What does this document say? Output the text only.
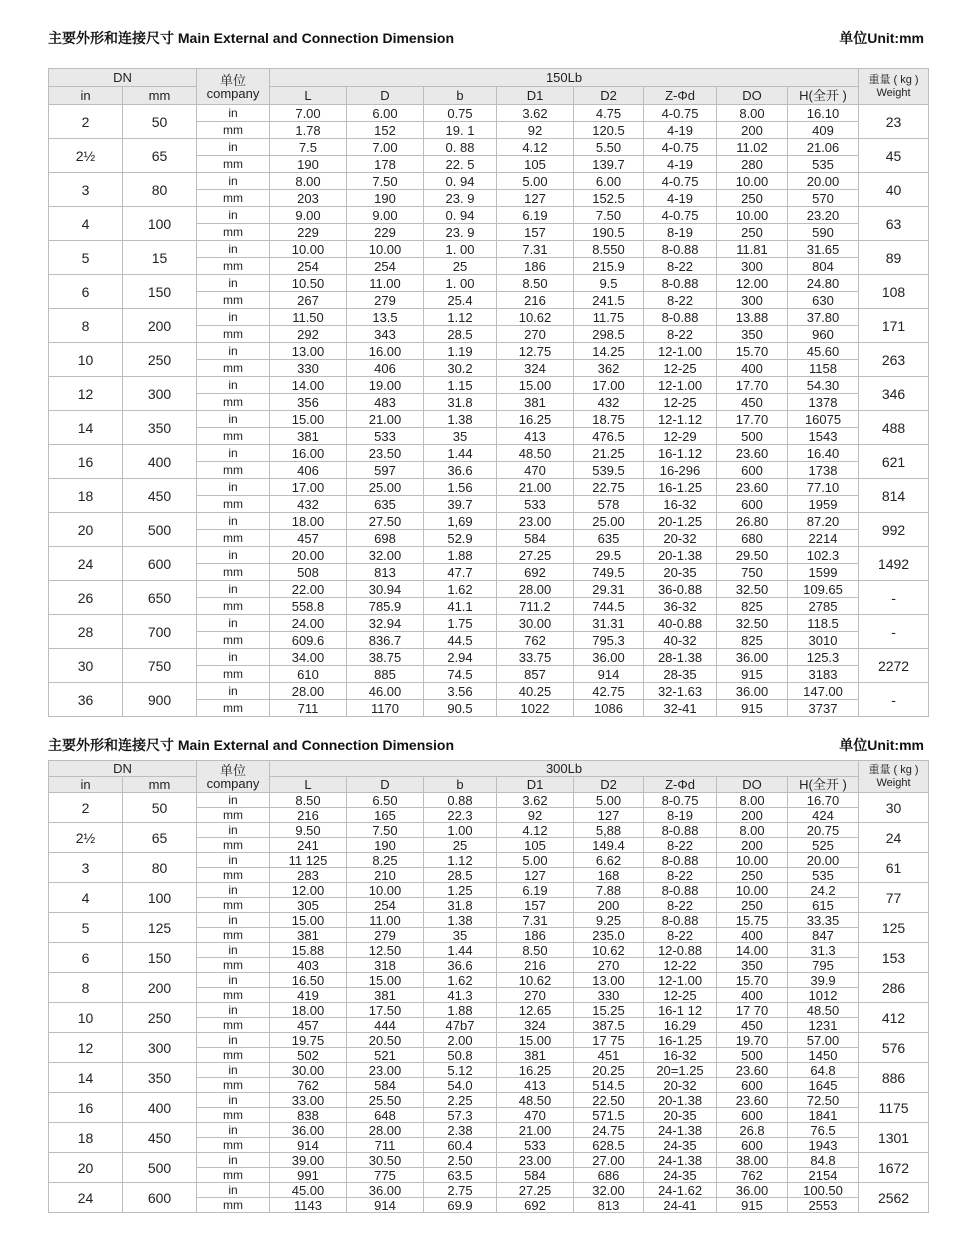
主要外形和连接尺寸 Main External and Connection Dimension	单位Unit:mm
DN		单位
company	150Lb								重量 ( kg )
Weight
in	mm		L	D	b	D1	D2	Z-Φd	DO	H(全开 )	
2	50	in	7.00	6.00	0.75	3.62	4.75	4-0.75	8.00	16.10	23
		mm	1.78	152	19. 1	92	120.5	4-19	200	409	
2½	65	in	7.5	7.00	0. 88	4.12	5.50	4-0.75	11.02	21.06	45
		mm	190	178	22. 5	105	139.7	4-19	280	535	
3	80	in	8.00	7.50	0. 94	5.00	6.00	4-0.75	10.00	20.00	40
		mm	203	190	23. 9	127	152.5	4-19	250	570	
4	100	in	9.00	9.00	0. 94	6.19	7.50	4-0.75	10.00	23.20	63
		mm	229	229	23. 9	157	190.5	8-19	250	590	
5	15	in	10.00	10.00	1. 00	7.31	8.550	8-0.88	11.81	31.65	89
		mm	254	254	25	186	215.9	8-22	300	804	
6	150	in	10.50	11.00	1. 00	8.50	9.5	8-0.88	12.00	24.80	108
		mm	267	279	25.4	216	241.5	8-22	300	630	
8	200	in	11.50	13.5	1.12	10.62	11.75	8-0.88	13.88	37.80	171
		mm	292	343	28.5	270	298.5	8-22	350	960	
10	250	in	13.00	16.00	1.19	12.75	14.25	12-1.00	15.70	45.60	263
		mm	330	406	30.2	324	362	12-25	400	1158	
12	300	in	14.00	19.00	1.15	15.00	17.00	12-1.00	17.70	54.30	346
		mm	356	483	31.8	381	432	12-25	450	1378	
14	350	in	15.00	21.00	1.38	16.25	18.75	12-1.12	17.70	16075	488
		mm	381	533	35	413	476.5	12-29	500	1543	
16	400	in	16.00	23.50	1.44	48.50	21.25	16-1.12	23.60	16.40	621
		mm	406	597	36.6	470	539.5	16-296	600	1738	
18	450	in	17.00	25.00	1.56	21.00	22.75	16-1.25	23.60	77.10	814
		mm	432	635	39.7	533	578	16-32	600	1959	
20	500	in	18.00	27.50	1,69	23.00	25.00	20-1.25	26.80	87.20	992
		mm	457	698	52.9	584	635	20-32	680	2214	
24	600	in	20.00	32.00	1.88	27.25	29.5	20-1.38	29.50	102.3	1492
		mm	508	813	47.7	692	749.5	20-35	750	1599	
26	650	in	22.00	30.94	1.62	28.00	29.31	36-0.88	32.50	109.65	-
		mm	558.8	785.9	41.1	711.2	744.5	36-32	825	2785	
28	700	in	24.00	32.94	1.75	30.00	31.31	40-0.88	32.50	118.5	-
		mm	609.6	836.7	44.5	762	795.3	40-32	825	3010	
30	750	in	34.00	38.75	2.94	33.75	36.00	28-1.38	36.00	125.3	2272
		mm	610	885	74.5	857	914	28-35	915	3183	
36	900	in	28.00	46.00	3.56	40.25	42.75	32-1.63	36.00	147.00	-
		mm	711	1170	90.5	1022	1086	32-41	915	3737	
主要外形和连接尺寸 Main External and Connection Dimension	单位Unit:mm
DN		单位
company	300Lb								重量 ( kg )
Weight
in	mm		L	D	b	D1	D2	Z-Φd	DO	H(全开 )	
2	50	in	8.50	6.50	0.88	3.62	5.00	8-0.75	8.00	16.70	30
		mm	216	165	22.3	92	127	8-19	200	424	
2½	65	in	9.50	7.50	1.00	4.12	5,88	8-0.88	8.00	20.75	24
		mm	241	190	25	105	149.4	8-22	200	525	
3	80	in	11 125	8.25	1.12	5.00	6.62	8-0.88	10.00	20.00	61
		mm	283	210	28.5	127	168	8-22	250	535	
4	100	in	12.00	10.00	1.25	6.19	7.88	8-0.88	10.00	24.2	77
		mm	305	254	31.8	157	200	8-22	250	615	
5	125	in	15.00	11.00	1.38	7.31	9.25	8-0.88	15.75	33.35	125
		mm	381	279	35	186	235.0	8-22	400	847	
6	150	in	15.88	12.50	1.44	8.50	10.62	12-0.88	14.00	31.3	153
		mm	403	318	36.6	216	270	12-22	350	795	
8	200	in	16.50	15.00	1.62	10.62	13.00	12-1.00	15.70	39.9	286
		mm	419	381	41.3	270	330	12-25	400	1012	
10	250	in	18.00	17.50	1.88	12.65	15.25	16-1 12	17 70	48.50	412
		mm	457	444	47b7	324	387.5	16.29	450	1231	
12	300	in	19.75	20.50	2.00	15.00	17 75	16-1.25	19.70	57.00	576
		mm	502	521	50.8	381	451	16-32	500	1450	
14	350	in	30.00	23.00	5.12	16.25	20.25	20=1.25	23.60	64.8	886
		mm	762	584	54.0	413	514.5	20-32	600	1645	
16	400	in	33.00	25.50	2.25	48.50	22.50	20-1.38	23.60	72.50	1175
		mm	838	648	57.3	470	571.5	20-35	600	1841	
18	450	in	36.00	28.00	2.38	21.00	24.75	24-1.38	26.8	76.5	1301
		mm	914	711	60.4	533	628.5	24-35	600	1943	
20	500	in	39.00	30.50	2.50	23.00	27.00	24-1.38	38.00	84.8	1672
		mm	991	775	63.5	584	686	24-35	762	2154	
24	600	in	45.00	36.00	2.75	27.25	32.00	24-1.62	36.00	100.50	2562
		mm	1143	914	69.9	692	813	24-41	915	2553	
